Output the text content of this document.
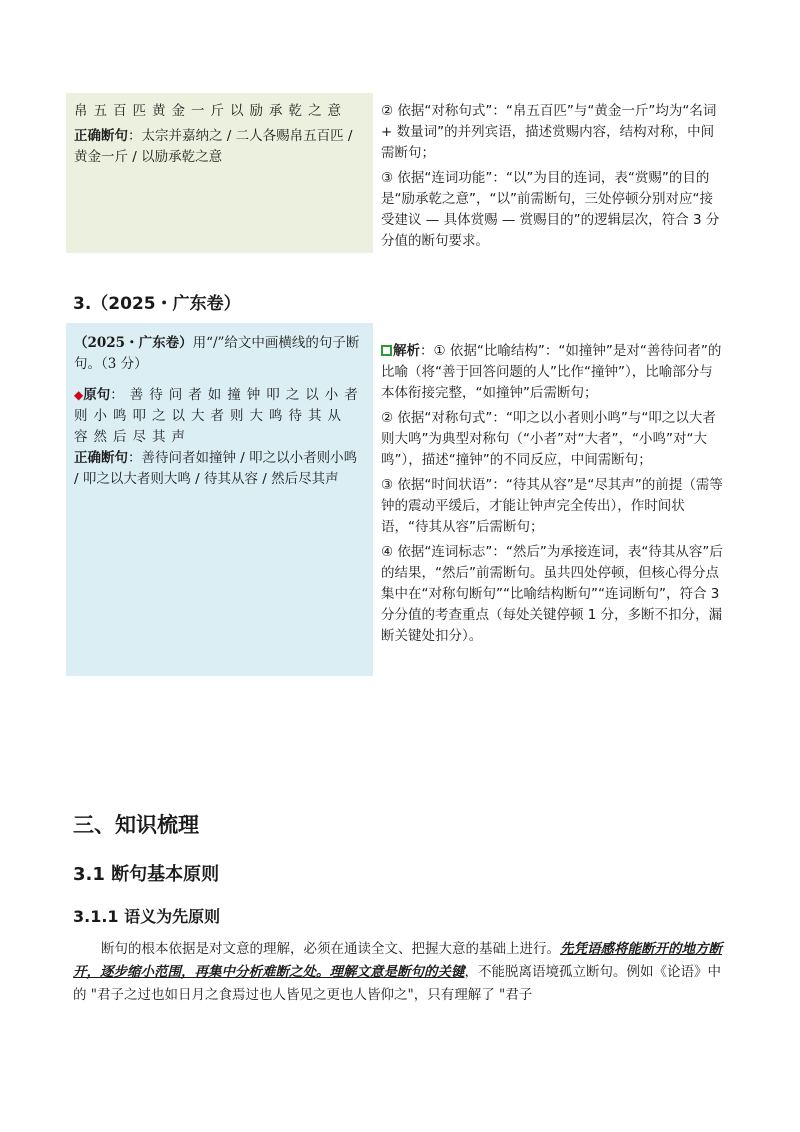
帛五百匹黄金一斤以励承乾之意

正确断句：太宗并嘉纳之 / 二人各赐帛五百匹 / 黄金一斤 / 以励承乾之意

② 依据“对称句式”：“帛五百匹”与“黄金一斤”均为“名词 + 数量词”的并列宾语，描述赏赐内容，结构对称，中间需断句；

③ 依据“连词功能”：“以”为目的连词，表“赏赐”的目的是“励承乾之意”，“以”前需断句，三处停顿分别对应“接受建议 — 具体赏赐 — 赏赐目的”的逻辑层次，符合 3 分分值的断句要求。

3.（2025・广东卷）

（2025・广东卷）用“/”给文中画横线的句子断句。（3 分）

◆原句：善待问者如撞钟叩之以小者则小鸣叩之以大者则大鸣待其从容然后尽其声

正确断句：善待问者如撞钟 / 叩之以小者则小鸣 / 叩之以大者则大鸣 / 待其从容 / 然后尽其声

解析：① 依据“比喻结构”：“如撞钟”是对“善待问者”的比喻（将“善于回答问题的人”比作“撞钟”），比喻部分与本体衔接完整，“如撞钟”后需断句；

② 依据“对称句式”：“叩之以小者则小鸣”与“叩之以大者则大鸣”为典型对称句（“小者”对“大者”，“小鸣”对“大鸣”），描述“撞钟”的不同反应，中间需断句；

③ 依据“时间状语”：“待其从容”是“尽其声”的前提（需等钟的震动平缓后，才能让钟声完全传出），作时间状语，“待其从容”后需断句；

④ 依据“连词标志”：“然后”为承接连词，表“待其从容”后的结果，“然后”前需断句。虽共四处停顿，但核心得分点集中在“对称句断句”“比喻结构断句”“连词断句”，符合 3 分分值的考查重点（每处关键停顿 1 分，多断不扣分，漏断关键处扣分）。

三、知识梳理
3.1 断句基本原则
3.1.1 语义为先原则

断句的根本依据是对文意的理解，必须在通读全文、把握大意的基础上进行。先凭语感将能断开的地方断开，逐步缩小范围，再集中分析难断之处。理解文意是断句的关键，不能脱离语境孤立断句。例如《论语》中的 "君子之过也如日月之食焉过也人皆见之更也人皆仰之"，只有理解了 "君子
